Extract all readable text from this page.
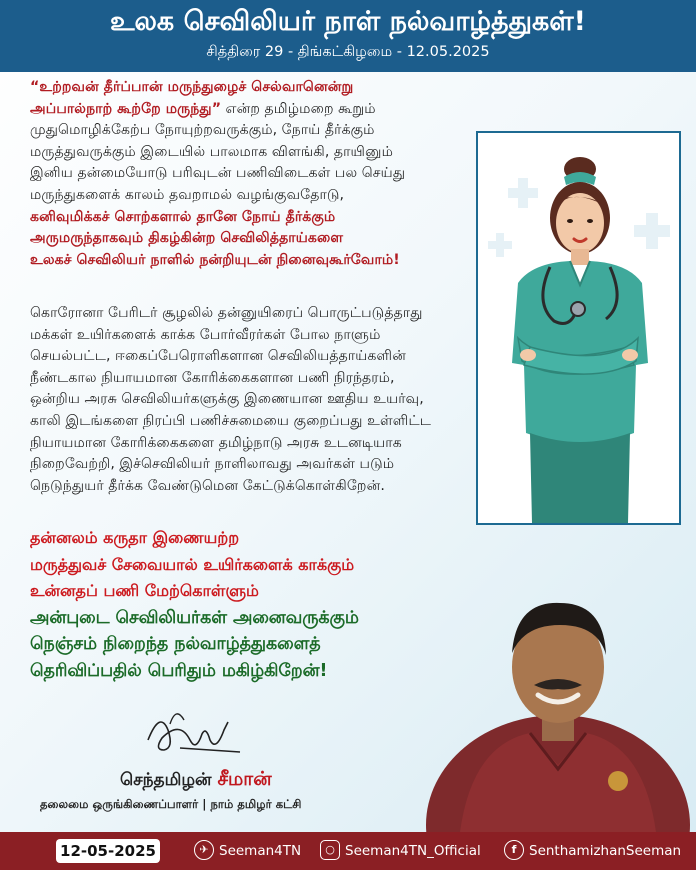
உலக செவிலியர் நாள் நல்வாழ்த்துகள்!
சித்திரை 29 - திங்கட்கிழமை - 12.05.2025
“உற்றவன் தீர்ப்பான் மருந்துழைச் செல்வானென்று
அப்பால்நாற் கூற்றே மருந்து” என்ற தமிழ்மறை கூறும்
முதுமொழிக்கேற்ப நோயுற்றவருக்கும், நோய் தீர்க்கும்
மருத்துவருக்கும் இடையில் பாலமாக விளங்கி, தாயினும்
இனிய தன்மையோடு பரிவுடன் பணிவிடைகள் பல செய்து
மருந்துகளைக் காலம் தவறாமல் வழங்குவதோடு,
கனிவுமிக்கச் சொற்களால் தானே நோய் தீர்க்கும்
அருமருந்தாகவும் திகழ்கின்ற செவிலித்தாய்களை
உலகச் செவிலியர் நாளில் நன்றியுடன் நினைவுகூர்வோம்!
கொரோனா பேரிடர் சூழலில் தன்னுயிரைப் பொருட்படுத்தாது
மக்கள் உயிர்களைக் காக்க போர்வீரர்கள் போல நாளும்
செயல்பட்ட, ஈகைப்பேரொளிகளான செவிலியத்தாய்களின்
நீண்டகால நியாயமான கோரிக்கைகளான பணி நிரந்தரம்,
ஒன்றிய அரசு செவிலியர்களுக்கு இணையான ஊதிய உயர்வு,
காலி இடங்களை நிரப்பி பணிச்சுமையை குறைப்பது உள்ளிட்ட
நியாயமான கோரிக்கைகளை தமிழ்நாடு அரசு உடனடியாக
நிறைவேற்றி, இச்செவிலியர் நாளிலாவது அவர்கள் படும்
நெடுந்துயர் தீர்க்க வேண்டுமென கேட்டுக்கொள்கிறேன்.
தன்னலம் கருதா இணையற்ற
மருத்துவச் சேவையால் உயிர்களைக் காக்கும்
உன்னதப் பணி மேற்கொள்ளும்
அன்புடை செவிலியர்கள் அனைவருக்கும்
நெஞ்சம் நிறைந்த நல்வாழ்த்துகளைத்
தெரிவிப்பதில் பெரிதும் மகிழ்கிறேன்!
செந்தமிழன் சீமான்
தலைமை ஒருங்கிணைப்பாளர் | நாம் தமிழர் கட்சி
12-05-2025	✈ Seeman4TN	○ Seeman4TN_Official	f SenthamizhanSeeman
